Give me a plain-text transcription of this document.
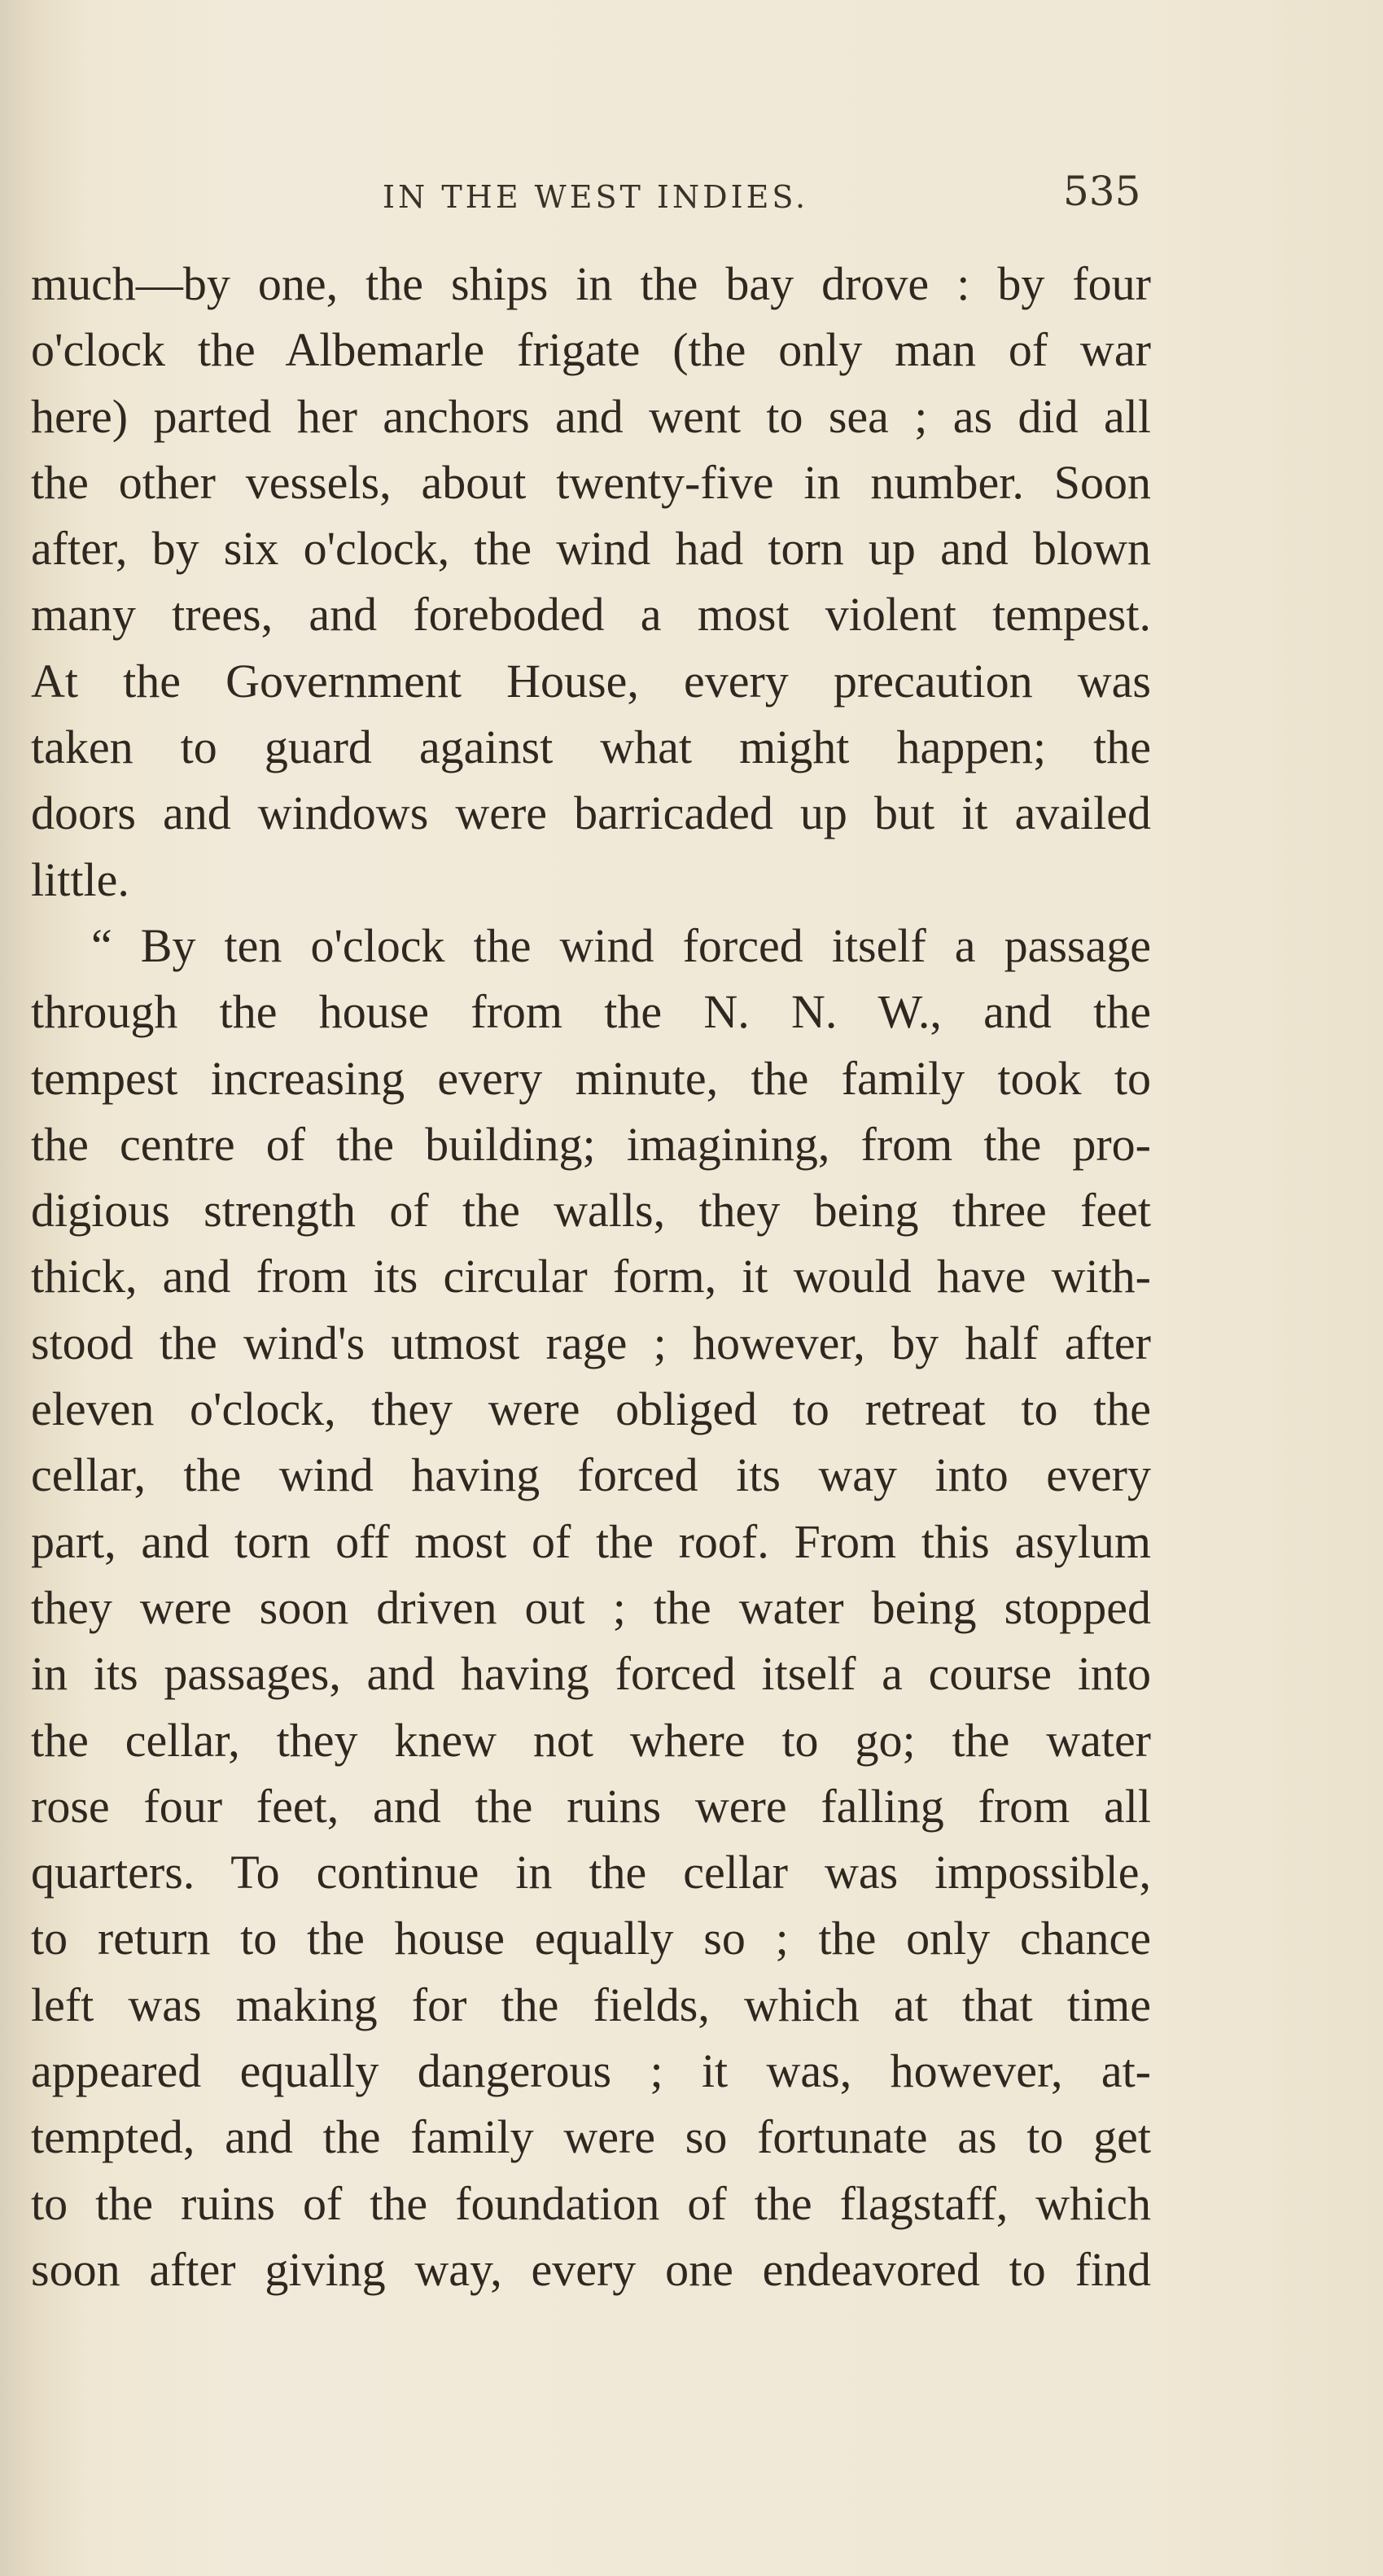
IN THE WEST INDIES.	535
much—by one, the ships in the bay drove : by four
o'clock the Albemarle frigate (the only man of war
here) parted her anchors and went to sea ; as did all
the other vessels, about twenty-five in number. Soon
after, by six o'clock, the wind had torn up and blown
many trees, and foreboded a most violent tempest.
At the Government House, every precaution was
taken to guard against what might happen; the
doors and windows were barricaded up but it availed
little.
“ By ten o'clock the wind forced itself a passage
through the house from the N. N. W., and the
tempest increasing every minute, the family took to
the centre of the building; imagining, from the pro-
digious strength of the walls, they being three feet
thick, and from its circular form, it would have with-
stood the wind's utmost rage ; however, by half after
eleven o'clock, they were obliged to retreat to the
cellar, the wind having forced its way into every
part, and torn off most of the roof. From this asylum
they were soon driven out ; the water being stopped
in its passages, and having forced itself a course into
the cellar, they knew not where to go; the water
rose four feet, and the ruins were falling from all
quarters. To continue in the cellar was impossible,
to return to the house equally so ; the only chance
left was making for the fields, which at that time
appeared equally dangerous ; it was, however, at-
tempted, and the family were so fortunate as to get
to the ruins of the foundation of the flagstaff, which
soon after giving way, every one endeavored to find
